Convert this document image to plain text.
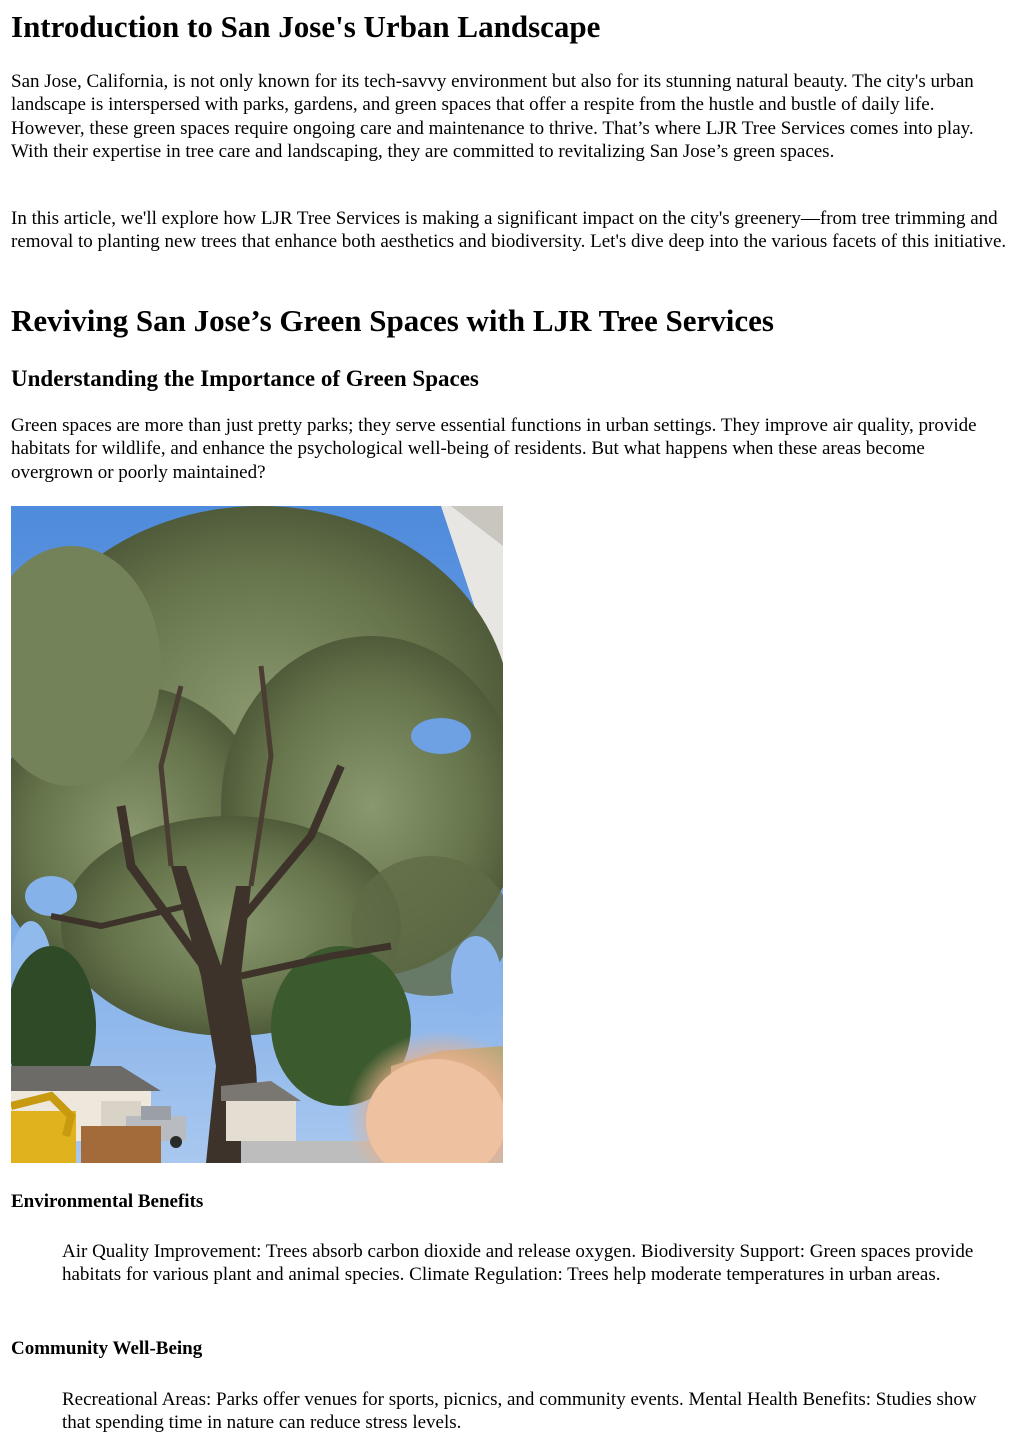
Introduction to San Jose's Urban Landscape

San Jose, California, is not only known for its tech-savvy environment but also for its stunning natural beauty. The city's urban landscape is interspersed with parks, gardens, and green spaces that offer a respite from the hustle and bustle of daily life. However, these green spaces require ongoing care and maintenance to thrive. That’s where LJR Tree Services comes into play. With their expertise in tree care and landscaping, they are committed to revitalizing San Jose’s green spaces.

In this article, we'll explore how LJR Tree Services is making a significant impact on the city's greenery—from tree trimming and removal to planting new trees that enhance both aesthetics and biodiversity. Let's dive deep into the various facets of this initiative.

Reviving San Jose’s Green Spaces with LJR Tree Services
Understanding the Importance of Green Spaces

Green spaces are more than just pretty parks; they serve essential functions in urban settings. They improve air quality, provide habitats for wildlife, and enhance the psychological well-being of residents. But what happens when these areas become overgrown or poorly maintained?

Environmental Benefits
Air Quality Improvement: Trees absorb carbon dioxide and release oxygen. Biodiversity Support: Green spaces provide habitats for various plant and animal species. Climate Regulation: Trees help moderate temperatures in urban areas.
Community Well-Being
Recreational Areas: Parks offer venues for sports, picnics, and community events. Mental Health Benefits: Studies show that spending time in nature can reduce stress levels.
